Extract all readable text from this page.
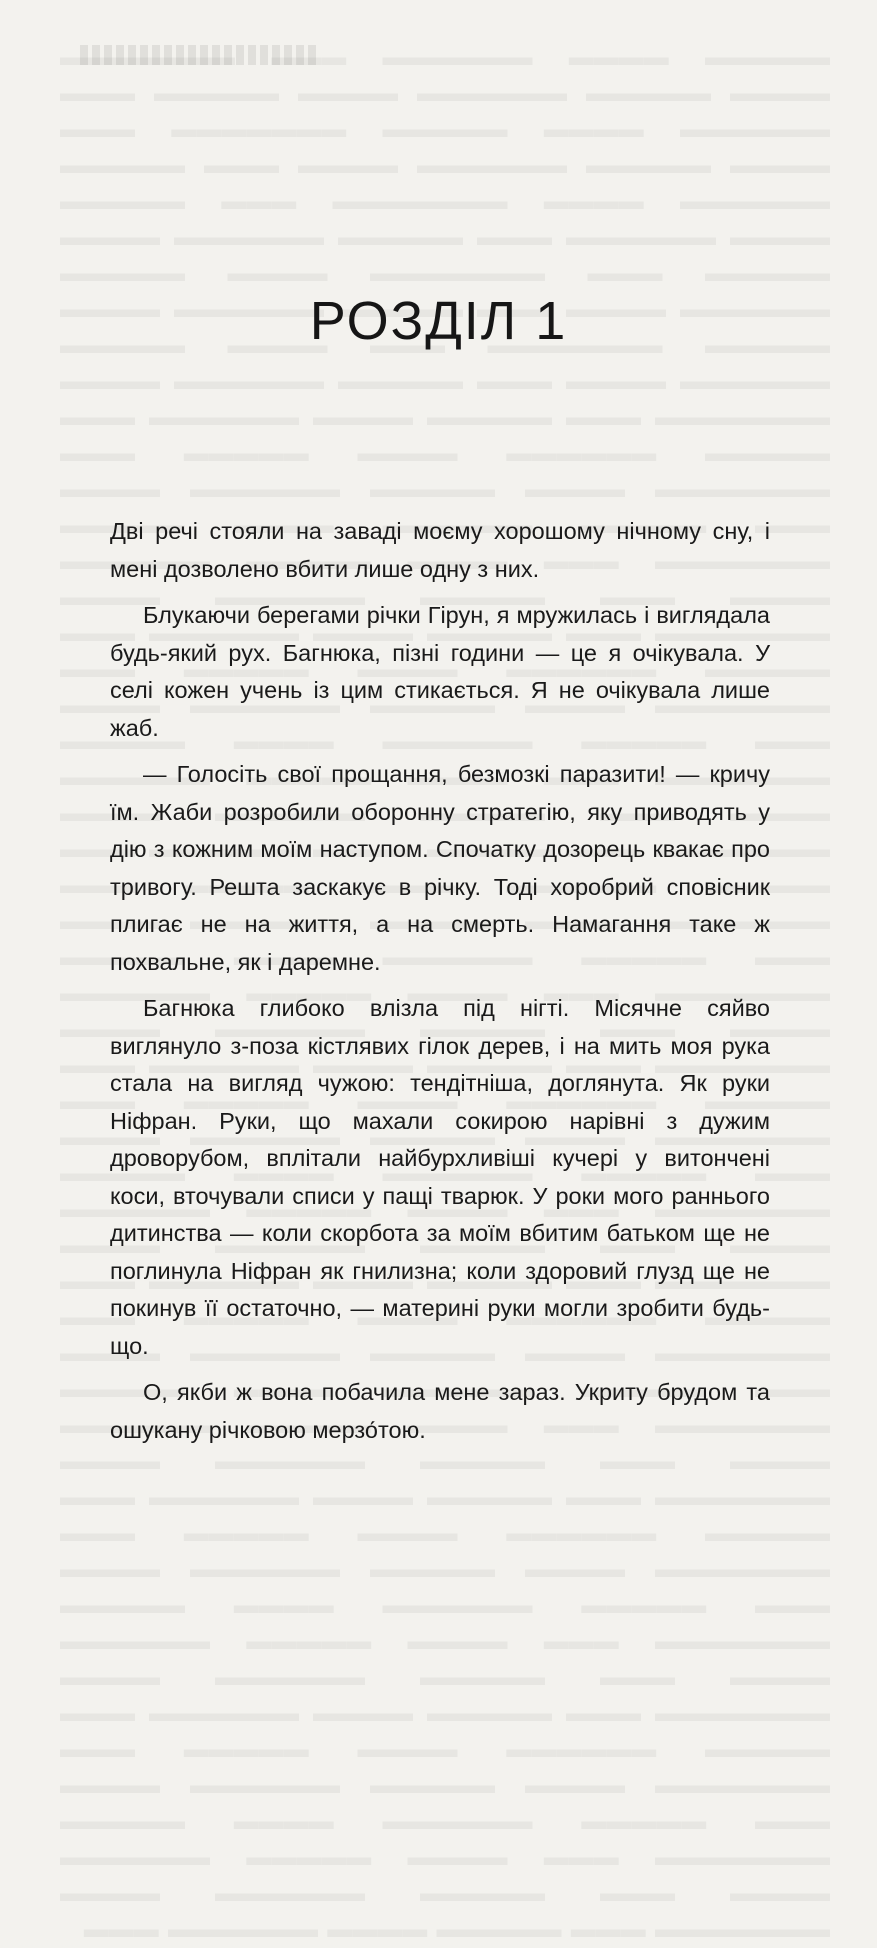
РОЗДІЛ 1

Дві речі стояли на заваді моєму хорошому нічному сну, і мені дозволено вбити лише одну з них.

Блукаючи берегами річки Гірун, я мружилась і виглядала будь-який рух. Багнюка, пізні години — це я очікувала. У селі кожен учень із цим стикається. Я не очікувала лише жаб.

— Голосіть свої прощання, безмозкі паразити! — кричу їм. Жаби розробили оборонну стратегію, яку приводять у дію з кожним моїм наступом. Спочатку дозорець квакає про тривогу. Решта заскакує в річку. Тоді хоробрий сповісник плигає не на життя, а на смерть. Намагання таке ж похвальне, як і даремне.

Багнюка глибоко влізла під нігті. Місячне сяйво виглянуло з-поза кістлявих гілок дерев, і на мить моя рука стала на вигляд чужою: тендітніша, доглянута. Як руки Ніфран. Руки, що махали сокирою нарівні з дужим дроворубом, вплітали найбурхливіші кучері у витончені коси, вточували списи у пащі тварюк. У роки мого раннього дитинства — коли скорбота за моїм вбитим батьком ще не поглинула Ніфран як гнилизна; коли здоровий глузд ще не покинув її остаточно, — материні руки могли зробити будь-що.

О, якби ж вона побачила мене зараз. Укриту брудом та ошукану річковою мерзо́тою.
